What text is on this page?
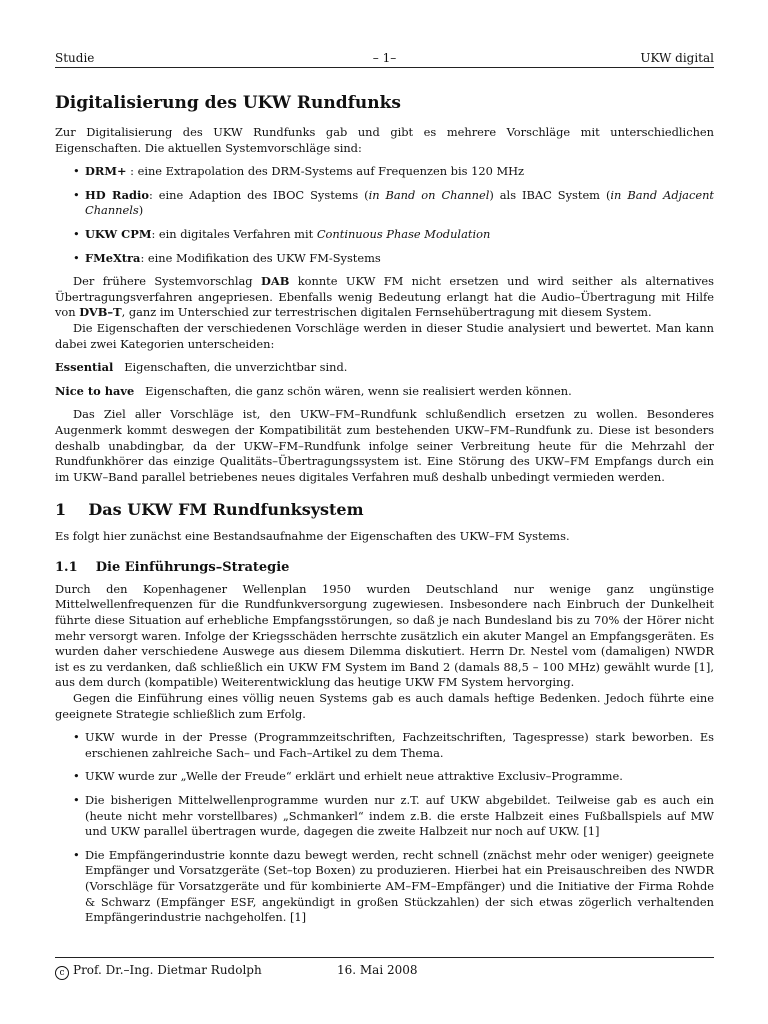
Studie	– 1–	UKW digital
Digitalisierung des UKW Rundfunks

Zur Digitalisierung des UKW Rundfunks gab und gibt es mehrere Vorschläge mit unterschiedlichen Eigenschaften. Die aktuellen Systemvorschläge sind:

• DRM+ : eine Extrapolation des DRM-Systems auf Frequenzen bis 120 MHz
• HD Radio: eine Adaption des IBOC Systems (in Band on Channel) als IBAC System (in Band Adjacent Channels)
• UKW CPM: ein digitales Verfahren mit Continuous Phase Modulation
• FMeXtra: eine Modifikation des UKW FM-Systems

Der frühere Systemvorschlag DAB konnte UKW FM nicht ersetzen und wird seither als alternatives Übertragungsverfahren angepriesen. Ebenfalls wenig Bedeutung erlangt hat die Audio–Übertragung mit Hilfe von DVB–T, ganz im Unterschied zur terrestrischen digitalen Fernsehübertragung mit diesem System.

Die Eigenschaften der verschiedenen Vorschläge werden in dieser Studie analysiert und bewertet. Man kann dabei zwei Kategorien unterscheiden:

Essential Eigenschaften, die unverzichtbar sind.
Nice to have Eigenschaften, die ganz schön wären, wenn sie realisiert werden können.

Das Ziel aller Vorschläge ist, den UKW–FM–Rundfunk schlußendlich ersetzen zu wollen. Besonderes Augenmerk kommt deswegen der Kompatibilität zum bestehenden UKW–FM–Rundfunk zu. Diese ist besonders deshalb unabdingbar, da der UKW–FM–Rundfunk infolge seiner Verbreitung heute für die Mehrzahl der Rundfunkhörer das einzige Qualitäts–Übertragungssystem ist. Eine Störung des UKW–FM Empfangs durch ein im UKW–Band parallel betriebenes neues digitales Verfahren muß deshalb unbedingt vermieden werden.

1 Das UKW FM Rundfunksystem

Es folgt hier zunächst eine Bestandsaufnahme der Eigenschaften des UKW–FM Systems.

1.1 Die Einführungs–Strategie

Durch den Kopenhagener Wellenplan 1950 wurden Deutschland nur wenige ganz ungünstige Mittelwellenfrequenzen für die Rundfunkversorgung zugewiesen. Insbesondere nach Einbruch der Dunkelheit führte diese Situation auf erhebliche Empfangsstörungen, so daß je nach Bundesland bis zu 70% der Hörer nicht mehr versorgt waren. Infolge der Kriegsschäden herrschte zusätzlich ein akuter Mangel an Empfangsgeräten. Es wurden daher verschiedene Auswege aus diesem Dilemma diskutiert. Herrn Dr. Nestel vom (damaligen) NWDR ist es zu verdanken, daß schließlich ein UKW FM System im Band 2 (damals 88,5 – 100 MHz) gewählt wurde [1], aus dem durch (kompatible) Weiterentwicklung das heutige UKW FM System hervorging.

Gegen die Einführung eines völlig neuen Systems gab es auch damals heftige Bedenken. Jedoch führte eine geeignete Strategie schließlich zum Erfolg.

• UKW wurde in der Presse (Programmzeitschriften, Fachzeitschriften, Tagespresse) stark beworben. Es erschienen zahlreiche Sach– und Fach–Artikel zu dem Thema.
• UKW wurde zur „Welle der Freude“ erklärt und erhielt neue attraktive Exclusiv–Programme.
• Die bisherigen Mittelwellenprogramme wurden nur z.T. auf UKW abgebildet. Teilweise gab es auch ein (heute nicht mehr vorstellbares) „Schmankerl“ indem z.B. die erste Halbzeit eines Fußballspiels auf MW und UKW parallel übertragen wurde, dagegen die zweite Halbzeit nur noch auf UKW. [1]
• Die Empfängerindustrie konnte dazu bewegt werden, recht schnell (znächst mehr oder weniger) geeignete Empfänger und Vorsatzgeräte (Set–top Boxen) zu produzieren. Hierbei hat ein Preisauschreiben des NWDR (Vorschläge für Vorsatzgeräte und für kombinierte AM–FM–Empfänger) und die Initiative der Firma Rohde & Schwarz (Empfänger ESF, angekündigt in großen Stückzahlen) der sich etwas zögerlich verhaltenden Empfängerindustrie nachgeholfen. [1]
c Prof. Dr.–Ing. Dietmar Rudolph	16. Mai 2008
